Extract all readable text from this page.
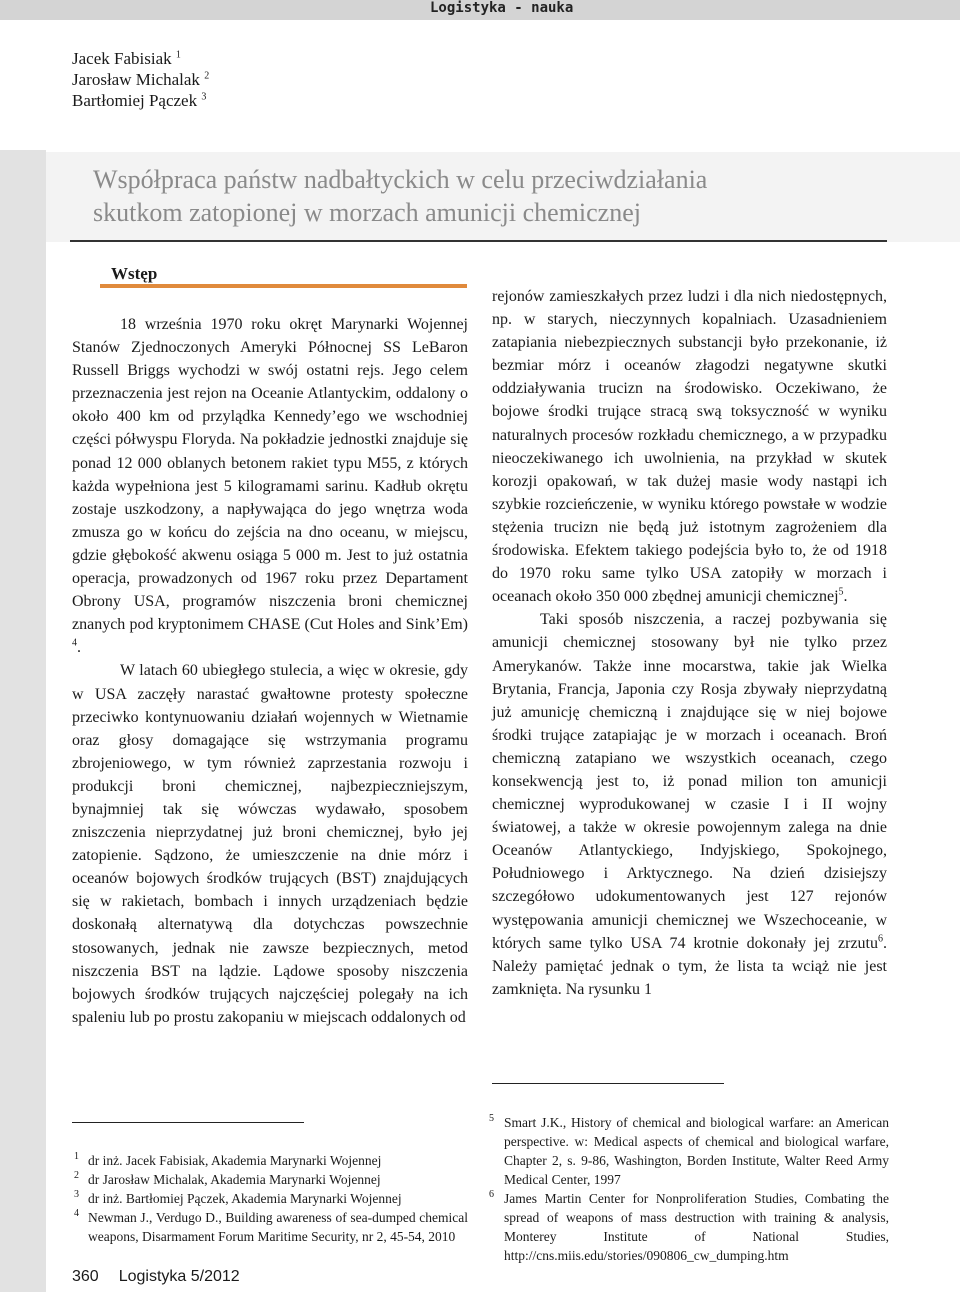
Logistyka - nauka
Jacek Fabisiak $^1$
Jarosław Michalak $^2$
Bartłomiej Pączek $^3$
Współpraca państw nadbałtyckich w celu przeciwdziałania
skutkom zatopionej w morzach amunicji chemicznej
Wstęp

18 września 1970 roku okręt Marynarki Wojennej Stanów Zjednoczonych Ameryki Północnej SS LeBaron Russell Briggs wychodzi w swój ostatni rejs. Jego celem przeznaczenia jest rejon na Oceanie Atlantyckim, oddalony o około 400 km od przylądka Kennedy’ego we wschodniej części półwyspu Floryda. Na pokładzie jednostki znajduje się ponad 12 000 oblanych betonem rakiet typu M55, z których każda wypełniona jest 5 kilogramami sarinu. Kadłub okrętu zostaje uszkodzony, a napływająca do jego wnętrza woda zmusza go w końcu do zejścia na dno oceanu, w miejscu, gdzie głębokość akwenu osiąga 5 000 m. Jest to już ostatnia operacja, prowadzonych od 1967 roku przez Departament Obrony USA, programów niszczenia broni chemicznej znanych pod kryptonimem CHASE (Cut Holes and Sink’Em) $^4$.

W latach 60 ubiegłego stulecia, a więc w okresie, gdy w USA zaczęły narastać gwałtowne protesty społeczne przeciwko kontynuowaniu działań wojennych w Wietnamie oraz głosy domagające się wstrzymania programu zbrojeniowego, w tym również zaprzestania rozwoju i produkcji broni chemicznej, najbezpieczniejszym, bynajmniej tak się wówczas wydawało, sposobem zniszczenia nieprzydatnej już broni chemicznej, było jej zatopienie. Sądzono, że umieszczenie na dnie mórz i oceanów bojowych środków trujących (BST) znajdujących się w rakietach, bombach i innych urządzeniach będzie doskonałą alternatywą dla dotychczas powszechnie stosowanych, jednak nie zawsze bezpiecznych, metod niszczenia BST na lądzie. Lądowe sposoby niszczenia bojowych środków trujących najczęściej polegały na ich spaleniu lub po prostu zakopaniu w miejscach oddalonych od

rejonów zamieszkałych przez ludzi i dla nich niedostępnych, np. w starych, nieczynnych kopalniach. Uzasadnieniem zatapiania niebezpiecznych substancji było przekonanie, iż bezmiar mórz i oceanów złagodzi negatywne skutki oddziaływania trucizn na środowisko. Oczekiwano, że bojowe środki trujące stracą swą toksyczność w wyniku naturalnych procesów rozkładu chemicznego, a w przypadku nieoczekiwanego ich uwolnienia, na przykład w skutek korozji opakowań, w tak dużej masie wody nastąpi ich szybkie rozcieńczenie, w wyniku którego powstałe w wodzie stężenia trucizn nie będą już istotnym zagrożeniem dla środowiska. Efektem takiego podejścia było to, że od 1918 do 1970 roku same tylko USA zatopiły w morzach i oceanach około 350 000 zbędnej amunicji chemicznej$^5$.

Taki sposób niszczenia, a raczej pozbywania się amunicji chemicznej stosowany był nie tylko przez Amerykanów. Także inne mocarstwa, takie jak Wielka Brytania, Francja, Japonia czy Rosja zbywały nieprzydatną już amunicję chemiczną i znajdujące się w niej bojowe środki trujące zatapiając je w morzach i oceanach. Broń chemiczną zatapiano we wszystkich oceanach, czego konsekwencją jest to, iż ponad milion ton amunicji chemicznej wyprodukowanej w czasie I i II wojny światowej, a także w okresie powojennym zalega na dnie Oceanów Atlantyckiego, Indyjskiego, Spokojnego, Południowego i Arktycznego. Na dzień dzisiejszy szczegółowo udokumentowanych jest 127 rejonów występowania amunicji chemicznej we Wszechoceanie, w których same tylko USA 74 krotnie dokonały jej zrzutu$^6$. Należy pamiętać jednak o tym, że lista ta wciąż nie jest zamknięta. Na rysunku 1

1 dr inż. Jacek Fabisiak, Akademia Marynarki Wojennej
2 dr Jarosław Michalak, Akademia Marynarki Wojennej
3 dr inż. Bartłomiej Pączek, Akademia Marynarki Wojennej
4 Newman J., Verdugo D., Building awareness of sea-dumped chemical weapons, Disarmament Forum Maritime Security, nr 2, 45-54, 2010
5 Smart J.K., History of chemical and biological warfare: an American perspective. w: Medical aspects of chemical and biological warfare, Chapter 2, s. 9-86, Washington, Borden Institute, Walter Reed Army Medical Center, 1997
6 James Martin Center for Nonproliferation Studies, Combating the spread of weapons of mass destruction with training & analysis, Monterey Institute of National Studies, http://cns.miis.edu/stories/090806_cw_dumping.htm
360 Logistyka 5/2012
